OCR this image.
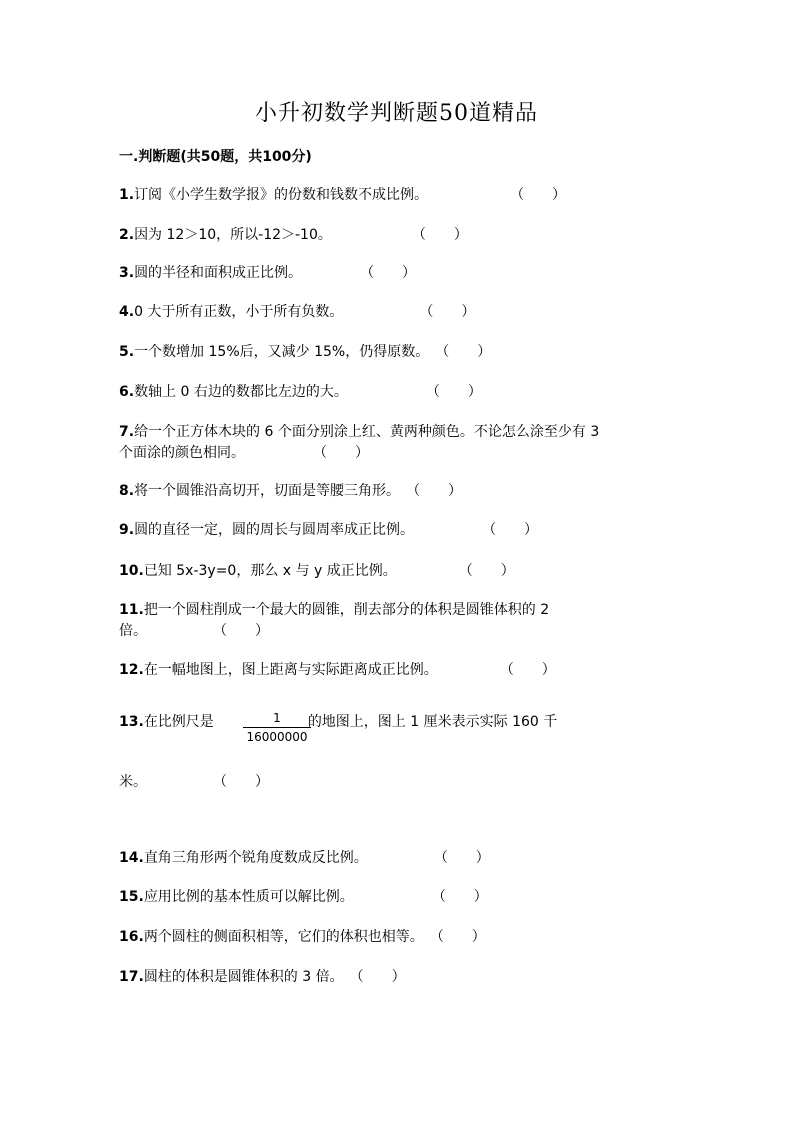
小升初数学判断题50道精品
一.判断题(共50题，共100分)
1.订阅《小学生数学报》的份数和钱数不成比例。	（　　）
2.因为 12＞10，所以-12＞-10。	（　　）
3.圆的半径和面积成正比例。	（　　）
4.0 大于所有正数，小于所有负数。	（　　）
5.一个数增加 15%后，又减少 15%，仍得原数。 （　　）
6.数轴上 0 右边的数都比左边的大。	（　　）
7.给一个正方体木块的 6 个面分别涂上红、黄两种颜色。不论怎么涂至少有 3
个面涂的颜色相同。	（　　）
8.将一个圆锥沿高切开，切面是等腰三角形。 （　　）
9.圆的直径一定，圆的周长与圆周率成正比例。	（　　）
10.已知 5x-3y=0，那么 x 与 y 成正比例。	（　　）
11.把一个圆柱削成一个最大的圆锥，削去部分的体积是圆锥体积的 2
倍。	（　　）
12.在一幅地图上，图上距离与实际距离成正比例。	（　　）
13.在比例尺是	的地图上，图上 1 厘米表示实际 160 千
1
16000000
米。	（　　）
14.直角三角形两个锐角度数成反比例。	（　　）
15.应用比例的基本性质可以解比例。	（　　）
16.两个圆柱的侧面积相等，它们的体积也相等。 （　　）
17.圆柱的体积是圆锥体积的 3 倍。 （　　）
